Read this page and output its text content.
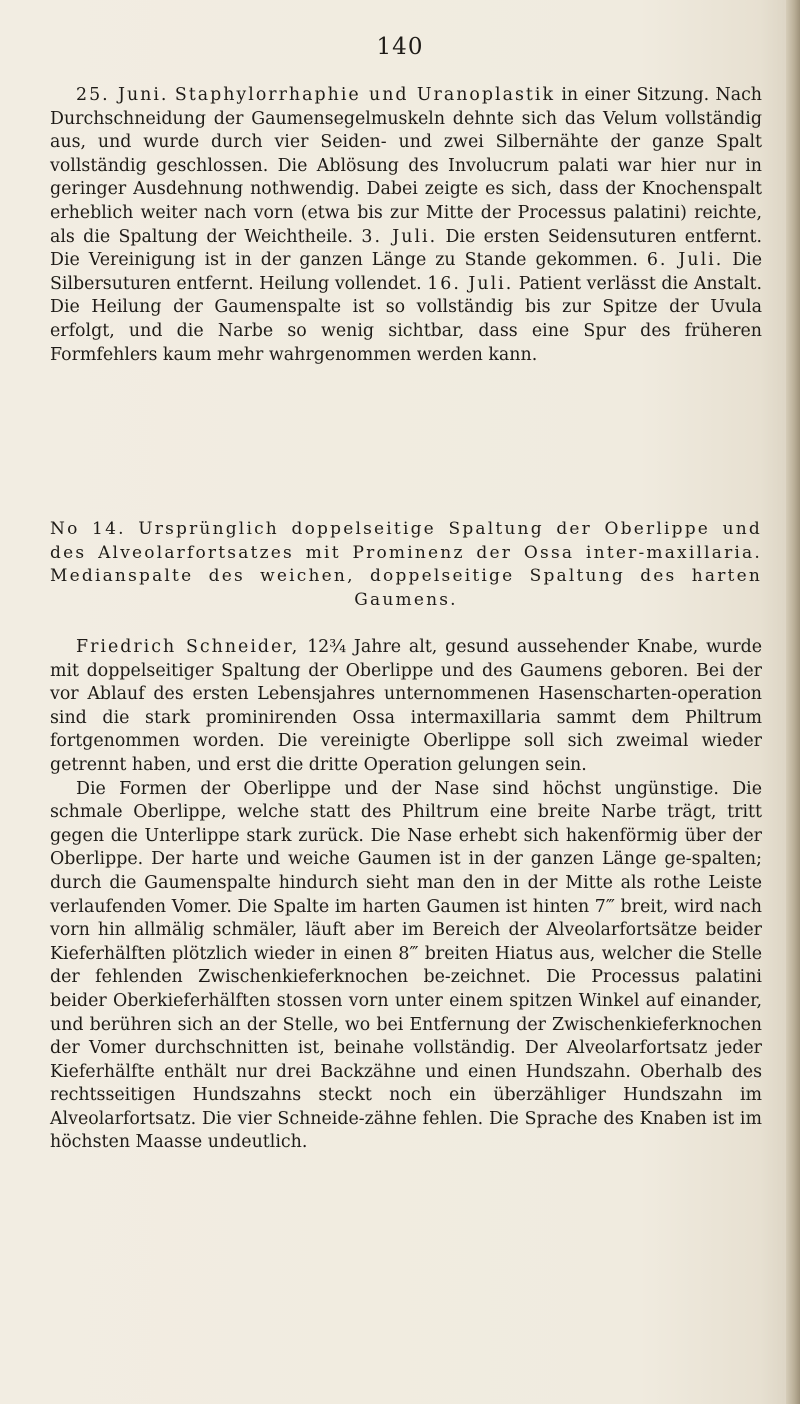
140

25. Juni. Staphylorrhaphie und Uranoplastik in einer Sitzung. Nach Durchschneidung der Gaumensegelmuskeln dehnte sich das Velum vollständig aus, und wurde durch vier Seiden- und zwei Silbernähte der ganze Spalt vollständig geschlossen. Die Ablösung des Involucrum palati war hier nur in geringer Ausdehnung nothwendig. Dabei zeigte es sich, dass der Knochenspalt erheblich weiter nach vorn (etwa bis zur Mitte der Processus palatini) reichte, als die Spaltung der Weichtheile. 3. Juli. Die ersten Seidensuturen entfernt. Die Vereinigung ist in der ganzen Länge zu Stande gekommen. 6. Juli. Die Silbersuturen entfernt. Heilung vollendet. 16. Juli. Patient verlässt die Anstalt. Die Heilung der Gaumenspalte ist so vollständig bis zur Spitze der Uvula erfolgt, und die Narbe so wenig sichtbar, dass eine Spur des früheren Formfehlers kaum mehr wahrgenommen werden kann.

No 14. Ursprünglich doppelseitige Spaltung der Oberlippe und des Alveolarfortsatzes mit Prominenz der Ossa inter-maxillaria. Medianspalte des weichen, doppelseitige Spaltung des harten Gaumens.

Friedrich Schneider, 12¾ Jahre alt, gesund aussehender Knabe, wurde mit doppelseitiger Spaltung der Oberlippe und des Gaumens geboren. Bei der vor Ablauf des ersten Lebensjahres unternommenen Hasenscharten-operation sind die stark prominirenden Ossa intermaxillaria sammt dem Philtrum fortgenommen worden. Die vereinigte Oberlippe soll sich zweimal wieder getrennt haben, und erst die dritte Operation gelungen sein.

Die Formen der Oberlippe und der Nase sind höchst ungünstige. Die schmale Oberlippe, welche statt des Philtrum eine breite Narbe trägt, tritt gegen die Unterlippe stark zurück. Die Nase erhebt sich hakenförmig über der Oberlippe. Der harte und weiche Gaumen ist in der ganzen Länge ge-spalten; durch die Gaumenspalte hindurch sieht man den in der Mitte als rothe Leiste verlaufenden Vomer. Die Spalte im harten Gaumen ist hinten 7‴ breit, wird nach vorn hin allmälig schmäler, läuft aber im Bereich der Alveolarfortsätze beider Kieferhälften plötzlich wieder in einen 8‴ breiten Hiatus aus, welcher die Stelle der fehlenden Zwischenkieferknochen be-zeichnet. Die Processus palatini beider Oberkieferhälften stossen vorn unter einem spitzen Winkel auf einander, und berühren sich an der Stelle, wo bei Entfernung der Zwischenkieferknochen der Vomer durchschnitten ist, beinahe vollständig. Der Alveolarfortsatz jeder Kieferhälfte enthält nur drei Backzähne und einen Hundszahn. Oberhalb des rechtsseitigen Hundszahns steckt noch ein überzähliger Hundszahn im Alveolarfortsatz. Die vier Schneide-zähne fehlen. Die Sprache des Knaben ist im höchsten Maasse undeutlich.
